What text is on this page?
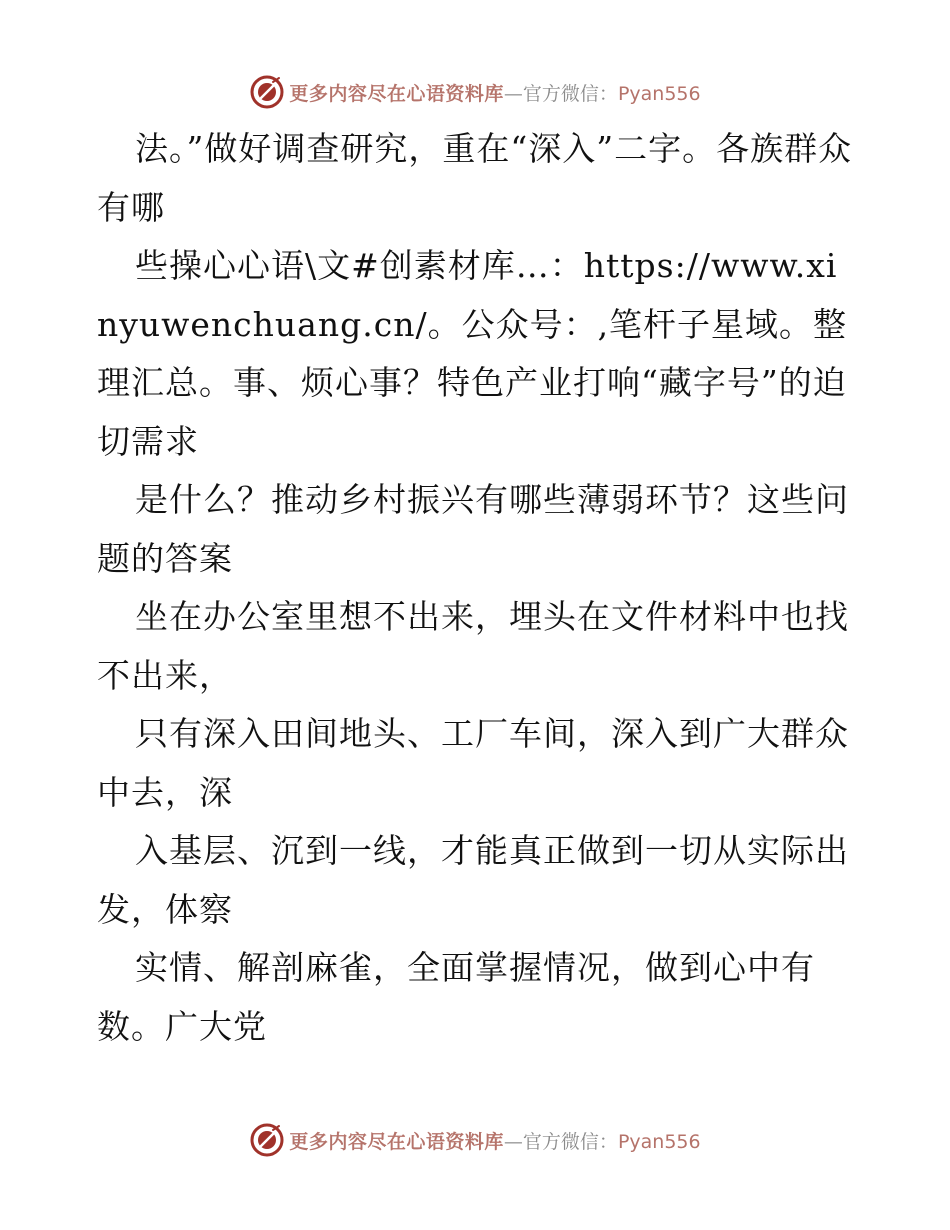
更多内容尽在心语资料库—官方微信：Pyan556

法。”做好调查研究，重在“深入”二字。各族群众有哪

些操心心语\文#创素材库…：https://www.xinyuwenchuang.cn/。公众号：,笔杆子星域。整理汇总。事、烦心事？特色产业打响“藏字号”的迫切需求

是什么？推动乡村振兴有哪些薄弱环节？这些问题的答案

坐在办公室里想不出来，埋头在文件材料中也找不出来，

只有深入田间地头、工厂车间，深入到广大群众中去，深

入基层、沉到一线，才能真正做到一切从实际出发，体察

实情、解剖麻雀，全面掌握情况，做到心中有数。广大党

更多内容尽在心语资料库—官方微信：Pyan556
